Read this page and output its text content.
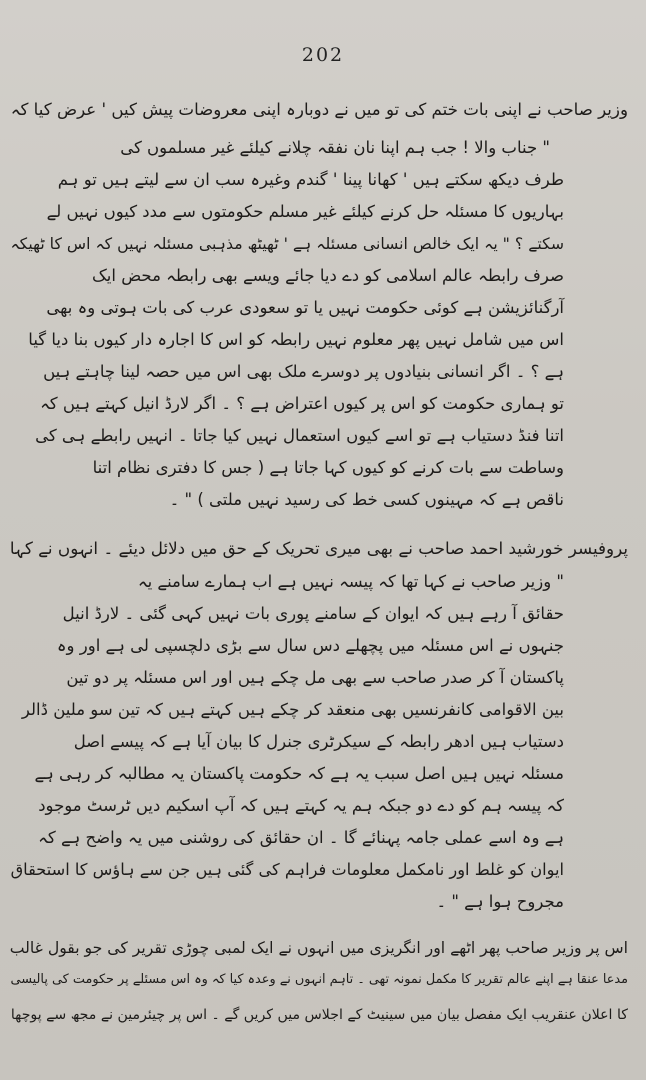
202
وزیر صاحب نے اپنی بات ختم کی تو میں نے دوبارہ اپنی معروضات پیش کیں ' عرض کیا کہ
" جناب والا ! جب ہم اپنا نان نفقہ چلانے کیلئے غیر مسلموں کی
طرف دیکھ سکتے ہیں ' کھانا پینا ' گندم وغیرہ سب ان سے لیتے ہیں تو ہم
بہاریوں کا مسئلہ حل کرنے کیلئے غیر مسلم حکومتوں سے مدد کیوں نہیں لے
سکتے ؟ " یہ ایک خالص انسانی مسئلہ ہے ' ٹھیٹھ مذہبی مسئلہ نہیں کہ اس کا ٹھیکہ
صرف رابطہ عالم اسلامی کو دے دیا جائے ویسے بھی رابطہ محض ایک
آرگنائزیشن ہے کوئی حکومت نہیں یا تو سعودی عرب کی بات ہوتی وہ بھی
اس میں شامل نہیں پھر معلوم نہیں رابطہ کو اس کا اجارہ دار کیوں بنا دیا گیا
ہے ؟ ۔ اگر انسانی بنیادوں پر دوسرے ملک بھی اس میں حصہ لینا چاہتے ہیں
تو ہماری حکومت کو اس پر کیوں اعتراض ہے ؟ ۔ اگر لارڈ انیل کہتے ہیں کہ
اتنا فنڈ دستیاب ہے تو اسے کیوں استعمال نہیں کیا جاتا ۔ انہیں رابطے ہی کی
وساطت سے بات کرنے کو کیوں کہا جاتا ہے ( جس کا دفتری نظام اتنا
ناقص ہے کہ مہینوں کسی خط کی رسید نہیں ملتی ) " ۔
پروفیسر خورشید احمد صاحب نے بھی میری تحریک کے حق میں دلائل دیئے ۔ انہوں نے کہا
" وزیر صاحب نے کہا تھا کہ پیسہ نہیں ہے اب ہمارے سامنے یہ
حقائق آ رہے ہیں کہ ایوان کے سامنے پوری بات نہیں کہی گئی ۔ لارڈ انیل
جنہوں نے اس مسئلہ میں پچھلے دس سال سے بڑی دلچسپی لی ہے اور وہ
پاکستان آ کر صدر صاحب سے بھی مل چکے ہیں اور اس مسئلہ پر دو تین
بین الاقوامی کانفرنسیں بھی منعقد کر چکے ہیں کہتے ہیں کہ تین سو ملین ڈالر
دستیاب ہیں ادھر رابطہ کے سیکرٹری جنرل کا بیان آیا ہے کہ پیسے اصل
مسئلہ نہیں ہیں اصل سبب یہ ہے کہ حکومت پاکستان یہ مطالبہ کر رہی ہے
کہ پیسہ ہم کو دے دو جبکہ ہم یہ کہتے ہیں کہ آپ اسکیم دیں ٹرسٹ موجود
ہے وہ اسے عملی جامہ پہنائے گا ۔ ان حقائق کی روشنی میں یہ واضح ہے کہ
ایوان کو غلط اور نامکمل معلومات فراہم کی گئی ہیں جن سے ہاؤس کا استحقاق
مجروح ہوا ہے " ۔
اس پر وزیر صاحب پھر اٹھے اور انگریزی میں انہوں نے ایک لمبی چوڑی تقریر کی جو بقول غالب
مدعا عنقا ہے اپنے عالم تقریر کا مکمل نمونہ تھی ۔ تاہم انہوں نے وعدہ کیا کہ وہ اس مسئلے پر حکومت کی پالیسی
کا اعلان عنقریب ایک مفصل بیان میں سینیٹ کے اجلاس میں کریں گے ۔ اس پر چیئرمین نے مجھ سے پوچھا
